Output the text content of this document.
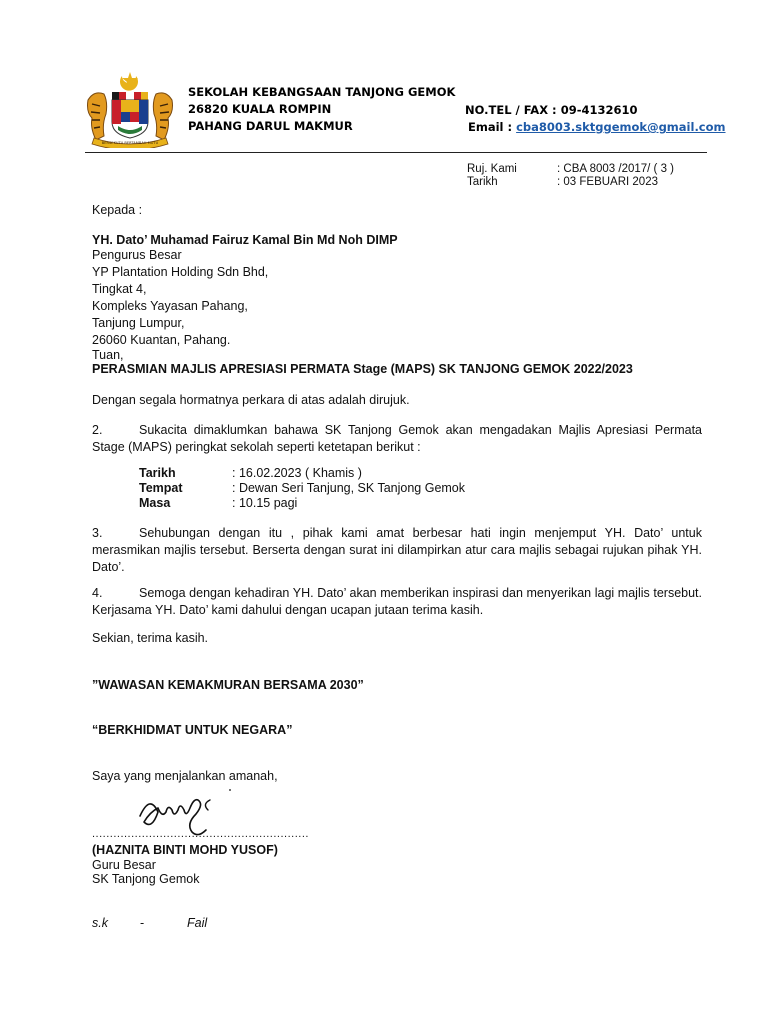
BERSEKUTU BERTAMBAH MUTU
SEKOLAH KEBANGSAAN TANJONG GEMOK
26820 KUALA ROMPIN
PAHANG DARUL MAKMUR
NO.TEL / FAX : 09-4132610
Email : cba8003.sktggemok@gmail.com
Ruj. Kami	: CBA 8003 /2017/ ( 3 )
Tarikh	: 03 FEBUARI 2023
Kepada :
YH. Dato’ Muhamad Fairuz Kamal Bin Md Noh DIMP
Pengurus Besar
YP Plantation Holding Sdn Bhd,
Tingkat 4,
Kompleks Yayasan Pahang,
Tanjung Lumpur,
26060 Kuantan, Pahang.
Tuan,
PERASMIAN MAJLIS APRESIASI PERMATA Stage (MAPS) SK TANJONG GEMOK 2022/2023
Dengan segala hormatnya perkara di atas adalah dirujuk.
2.	Sukacita dimaklumkan bahawa SK Tanjong Gemok akan mengadakan Majlis Apresiasi Permata Stage (MAPS) peringkat sekolah seperti ketetapan berikut :
Tarikh	: 16.02.2023 ( Khamis )
Tempat	: Dewan Seri Tanjung, SK Tanjong Gemok
Masa	: 10.15 pagi
3.	Sehubungan dengan itu , pihak kami amat berbesar hati ingin menjemput YH. Dato’ untuk merasmikan majlis tersebut. Berserta dengan surat ini dilampirkan atur cara majlis sebagai rujukan pihak YH. Dato’.
4.	Semoga dengan kehadiran YH. Dato’ akan memberikan inspirasi dan menyerikan lagi majlis tersebut. Kerjasama YH. Dato’ kami dahului dengan ucapan jutaan terima kasih.
Sekian, terima kasih.
”WAWASAN KEMAKMURAN BERSAMA 2030”
“BERKHIDMAT UNTUK NEGARA”
Saya yang menjalankan amanah,
.............................................................
(HAZNITA BINTI MOHD YUSOF)
Guru Besar
SK Tanjong Gemok
s.k	-	Fail
